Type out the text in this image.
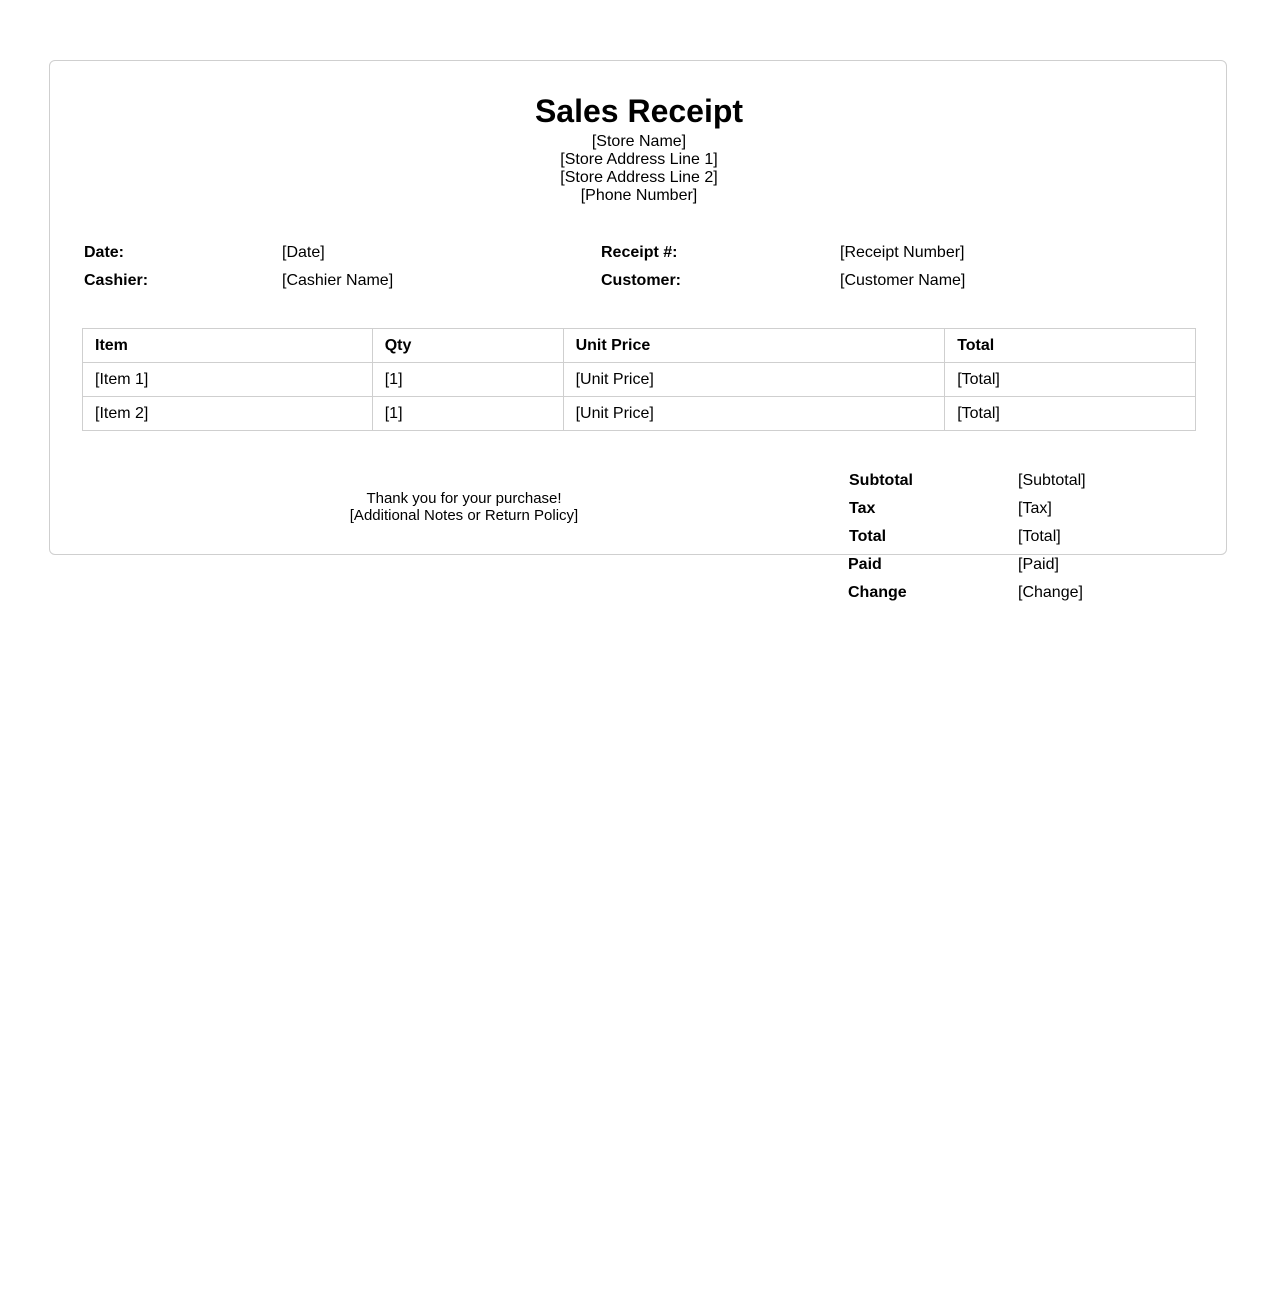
Sales Receipt
[Store Name]
[Store Address Line 1]
[Store Address Line 2]
[Phone Number]
Date:	[Date]	Receipt #:	[Receipt Number]
Cashier:	[Cashier Name]	Customer:	[Customer Name]
Item	Qty	Unit Price	Total
[Item 1]	[1]	[Unit Price]	[Total]
[Item 2]	[1]	[Unit Price]	[Total]
Thank you for your purchase!
[Additional Notes or Return Policy]
Subtotal	[Subtotal]
Tax	[Tax]
Total	[Total]
Paid	[Paid]
Change	[Change]
